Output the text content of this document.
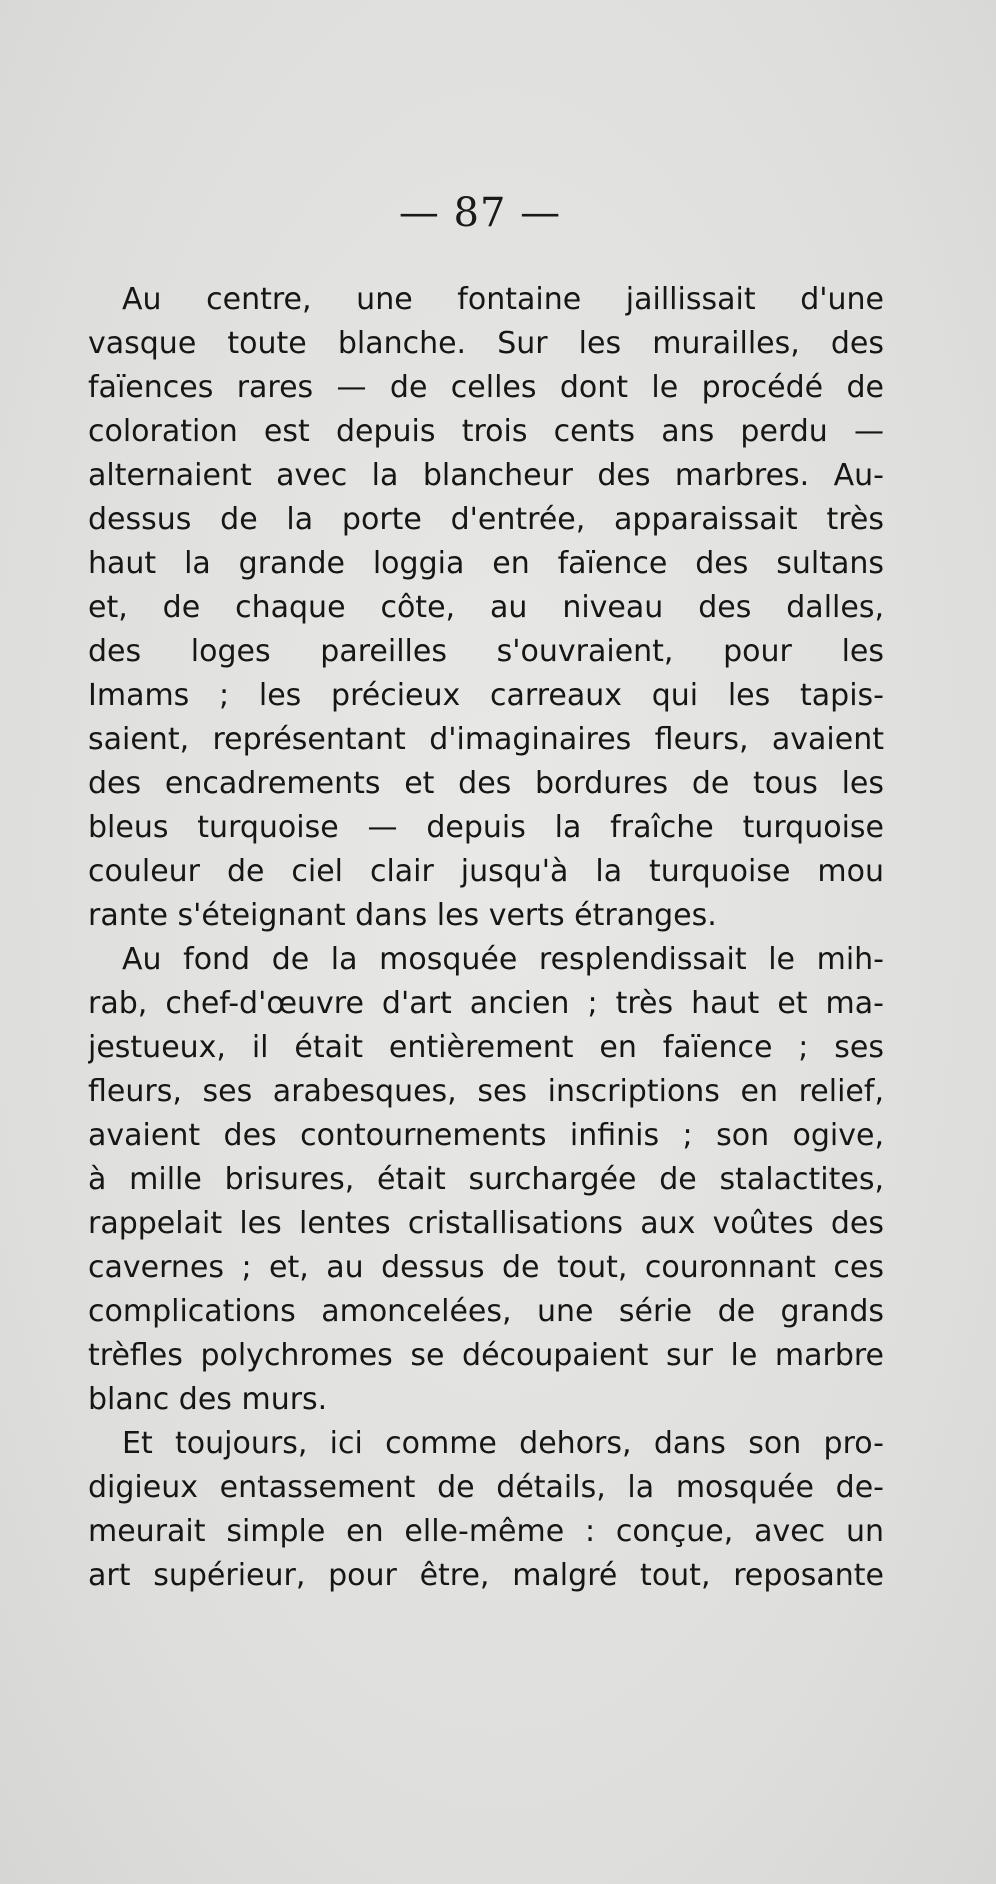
— 87 —
Au centre, une fontaine jaillissait d'une
vasque toute blanche. Sur les murailles, des
faïences rares — de celles dont le procédé de
coloration est depuis trois cents ans perdu —
alternaient avec la blancheur des marbres. Au-
dessus de la porte d'entrée, apparaissait très
haut la grande loggia en faïence des sultans
et, de chaque côte, au niveau des dalles,
des loges pareilles s'ouvraient, pour les
Imams ; les précieux carreaux qui les tapis-
saient, représentant d'imaginaires fleurs, avaient
des encadrements et des bordures de tous les
bleus turquoise — depuis la fraîche turquoise
couleur de ciel clair jusqu'à la turquoise mou
rante s'éteignant dans les verts étranges.
Au fond de la mosquée resplendissait le mih-
rab, chef-d'œuvre d'art ancien ; très haut et ma-
jestueux, il était entièrement en faïence ; ses
fleurs, ses arabesques, ses inscriptions en relief,
avaient des contournements infinis ; son ogive,
à mille brisures, était surchargée de stalactites,
rappelait les lentes cristallisations aux voûtes des
cavernes ; et, au dessus de tout, couronnant ces
complications amoncelées, une série de grands
trèfles polychromes se découpaient sur le marbre
blanc des murs.
Et toujours, ici comme dehors, dans son pro-
digieux entassement de détails, la mosquée de-
meurait simple en elle-même : conçue, avec un
art supérieur, pour être, malgré tout, reposante
